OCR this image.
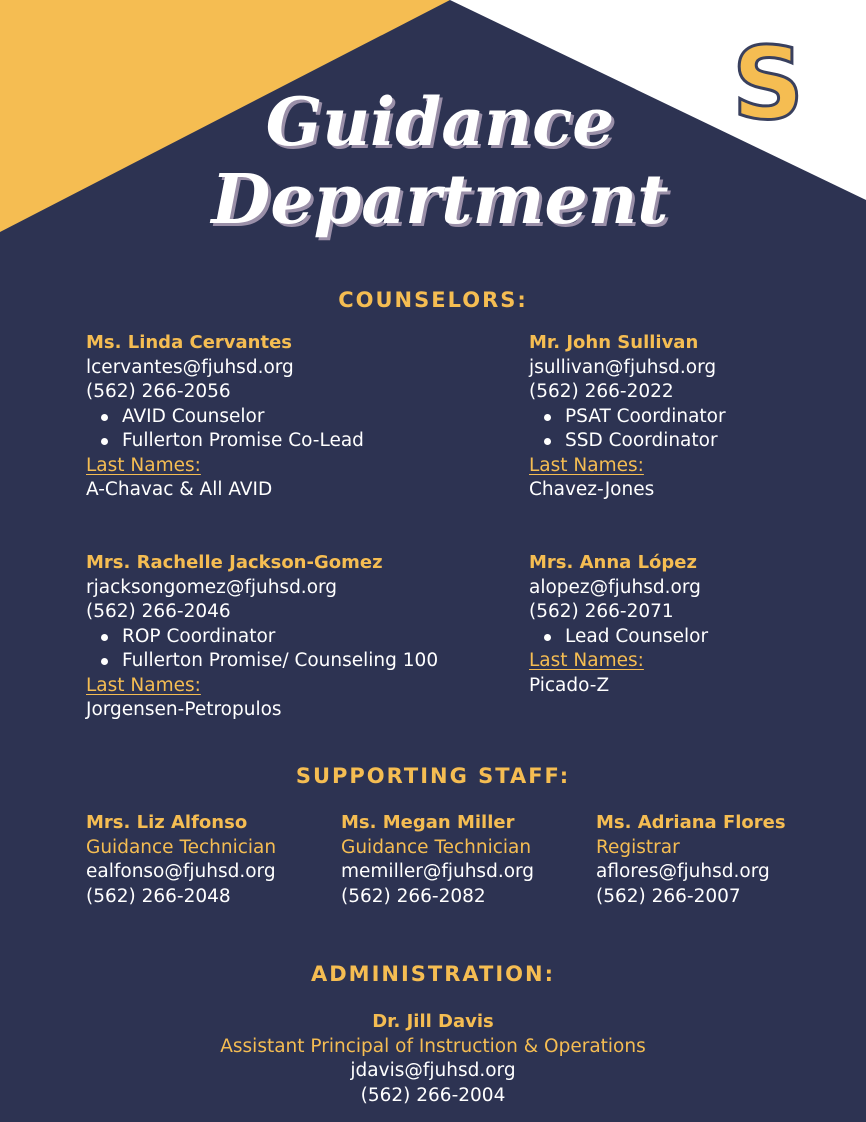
S
Guidance
Department
COUNSELORS:
Ms. Linda Cervantes
lcervantes@fjuhsd.org
(562) 266-2056
AVID Counselor
Fullerton Promise Co-Lead
Last Names:
A-Chavac & All AVID
Mr. John Sullivan
jsullivan@fjuhsd.org
(562) 266-2022
PSAT Coordinator
SSD Coordinator
Last Names:
Chavez-Jones
Mrs. Rachelle Jackson-Gomez
rjacksongomez@fjuhsd.org
(562) 266-2046
ROP Coordinator
Fullerton Promise/ Counseling 100
Last Names:
Jorgensen-Petropulos
Mrs. Anna López
alopez@fjuhsd.org
(562) 266-2071
Lead Counselor
Last Names:
Picado-Z
SUPPORTING STAFF:
Mrs. Liz Alfonso
Guidance Technician
ealfonso@fjuhsd.org
(562) 266-2048
Ms. Megan Miller
Guidance Technician
memiller@fjuhsd.org
(562) 266-2082
Ms. Adriana Flores
Registrar
aflores@fjuhsd.org
(562) 266-2007
ADMINISTRATION:
Dr. Jill Davis
Assistant Principal of Instruction & Operations
jdavis@fjuhsd.org
(562) 266-2004
